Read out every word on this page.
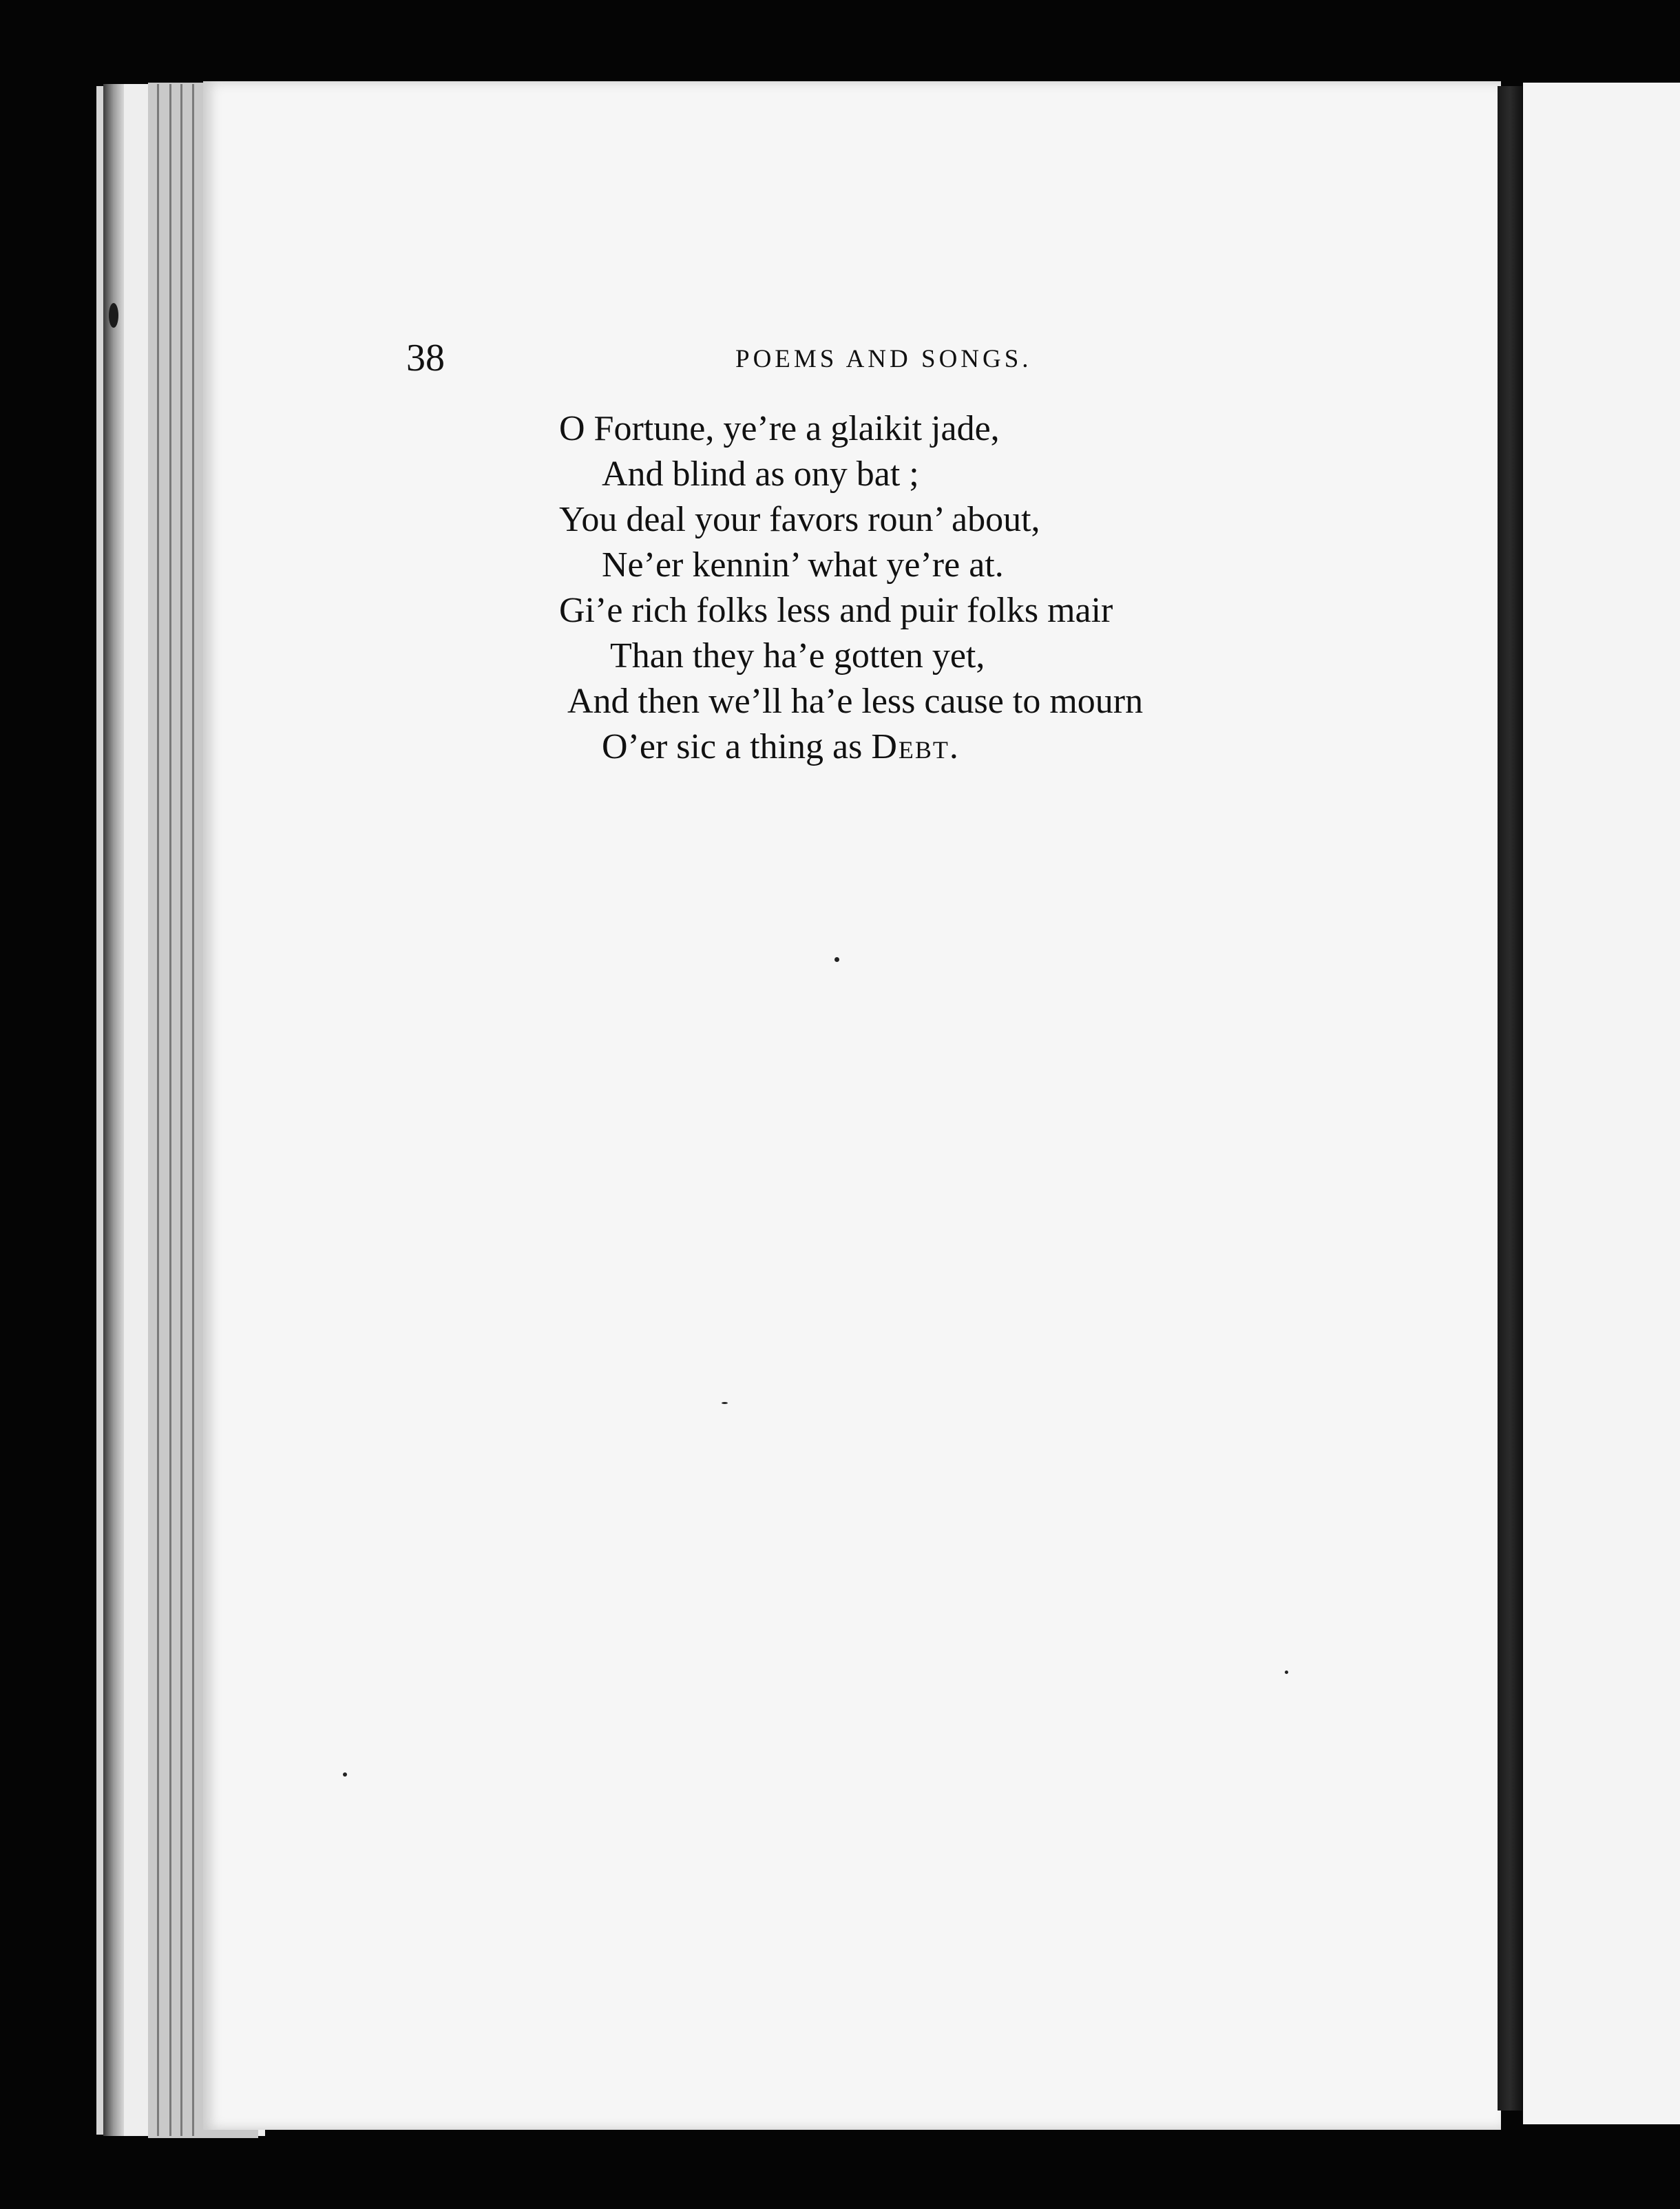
38	POEMS AND SONGS.
O Fortune, ye’re a glaikit jade,
And blind as ony bat ;
You deal your favors roun’ about,
Ne’er kennin’ what ye’re at.
Gi’e rich folks less and puir folks mair
Than they ha’e gotten yet,
And then we’ll ha’e less cause to mourn
O’er sic a thing as Debt.
